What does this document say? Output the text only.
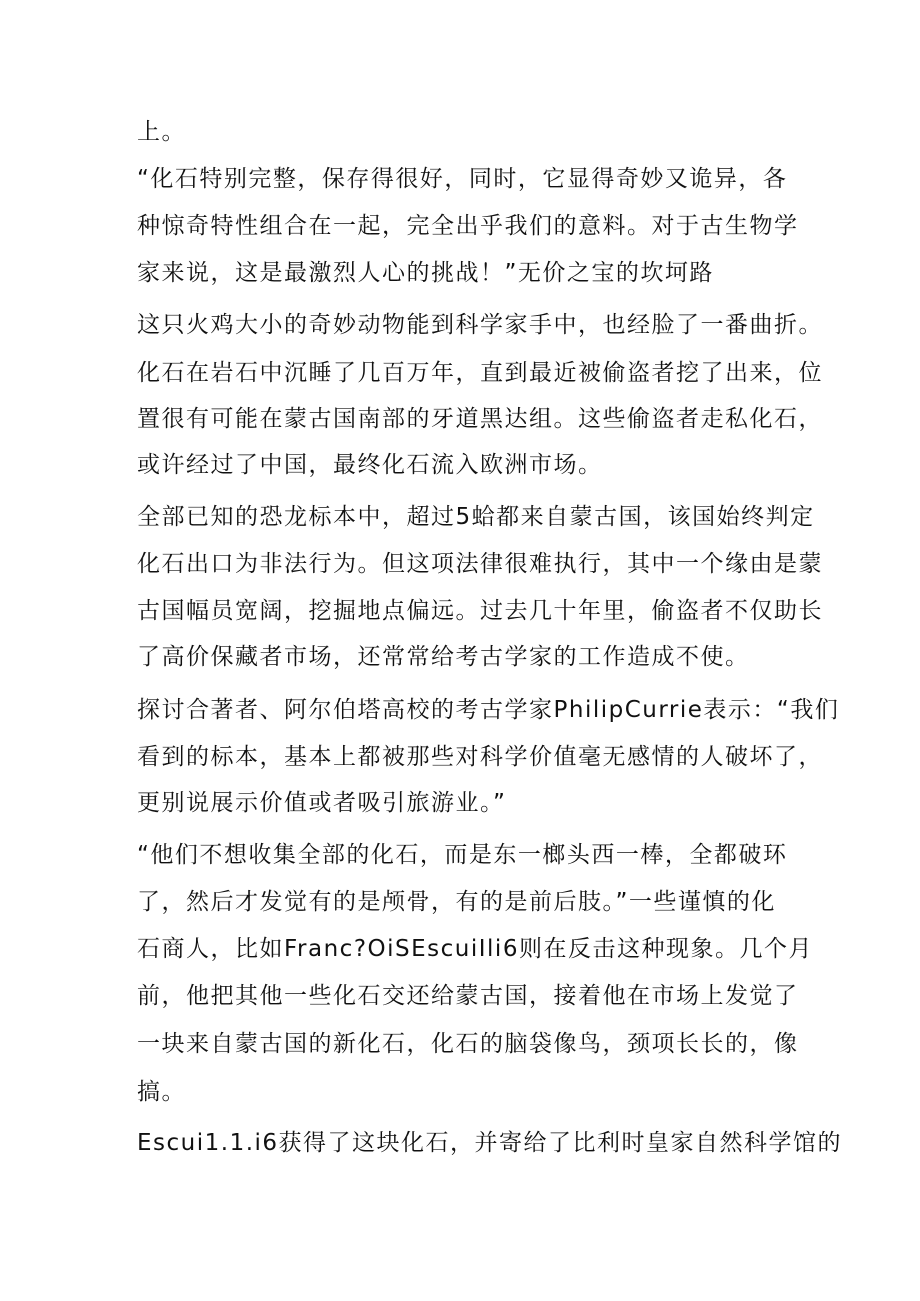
上。
“化石特别完整，保存得很好，同时，它显得奇妙又诡异，各
种惊奇特性组合在一起，完全出乎我们的意料。对于古生物学
家来说，这是最激烈人心的挑战！”无价之宝的坎坷路
这只火鸡大小的奇妙动物能到科学家手中，也经脸了一番曲折。
化石在岩石中沉睡了几百万年，直到最近被偷盗者挖了出来，位
置很有可能在蒙古国南部的牙道黑达组。这些偷盗者走私化石，
或许经过了中国，最终化石流入欧洲市场。
全部已知的恐龙标本中，超过5蛤都来自蒙古国，该国始终判定
化石出口为非法行为。但这项法律很难执行，其中一个缘由是蒙
古国幅员宽阔，挖掘地点偏远。过去几十年里，偷盗者不仅助长
了高价保藏者市场，还常常给考古学家的工作造成不使。
探讨合著者、阿尔伯塔高校的考古学家PhilipCurrie表示：“我们
看到的标本，基本上都被那些对科学价值毫无感情的人破坏了，
更别说展示价值或者吸引旅游业。”
“他们不想收集全部的化石，而是东一榔头西一棒，全都破环
了，然后才发觉有的是颅骨，有的是前后肢。”一些谨慎的化
石商人，比如Franc?OiSEscuiIli6则在反击这种现象。几个月
前，他把其他一些化石交还给蒙古国，接着他在市场上发觉了
一块来自蒙古国的新化石，化石的脑袋像鸟，颈项长长的，像
搞。
Escui1.1.i6获得了这块化石，并寄给了比利时皇家自然科学馆的
